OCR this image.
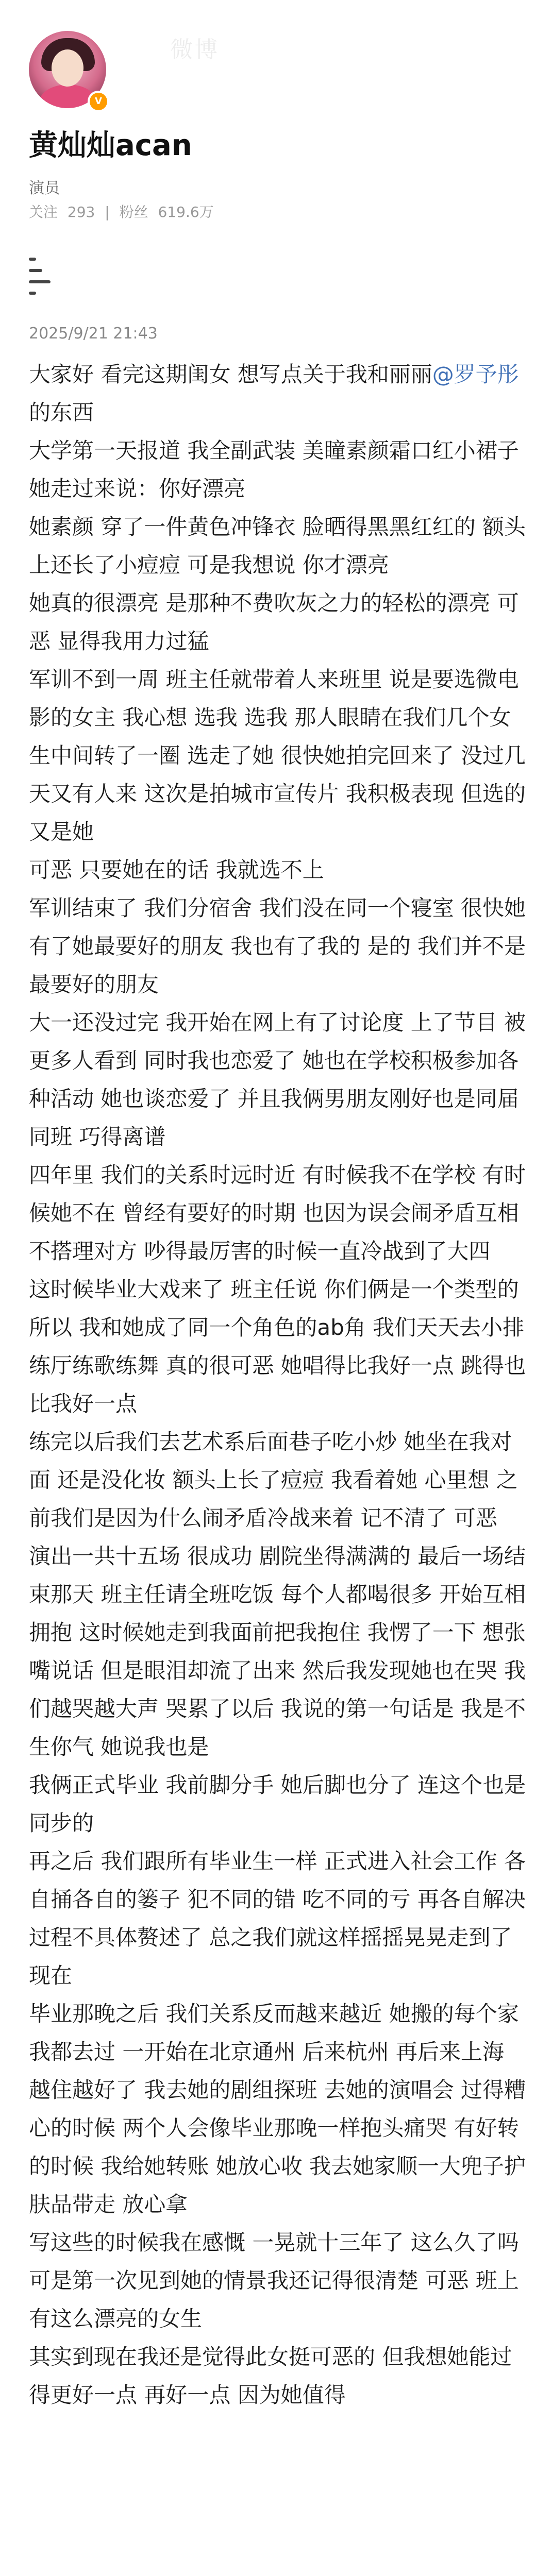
V
微博
黄灿灿acan
演员
关注 293 | 粉丝 619.6万
2025/9/21 21:43

大家好 看完这期闺女 想写点关于我和丽丽@罗予彤 的东西

大学第一天报道 我全副武装 美瞳素颜霜口红小裙子 她走过来说：你好漂亮

她素颜 穿了一件黄色冲锋衣 脸晒得黑黑红红的 额头上还长了小痘痘 可是我想说 你才漂亮

她真的很漂亮 是那种不费吹灰之力的轻松的漂亮 可恶 显得我用力过猛

军训不到一周 班主任就带着人来班里 说是要选微电影的女主 我心想 选我 选我 那人眼睛在我们几个女生中间转了一圈 选走了她 很快她拍完回来了 没过几天又有人来 这次是拍城市宣传片 我积极表现 但选的又是她

可恶 只要她在的话 我就选不上

军训结束了 我们分宿舍 我们没在同一个寝室 很快她有了她最要好的朋友 我也有了我的 是的 我们并不是最要好的朋友

大一还没过完 我开始在网上有了讨论度 上了节目 被更多人看到 同时我也恋爱了 她也在学校积极参加各种活动 她也谈恋爱了 并且我俩男朋友刚好也是同届同班 巧得离谱

四年里 我们的关系时远时近 有时候我不在学校 有时候她不在 曾经有要好的时期 也因为误会闹矛盾互相不搭理对方 吵得最厉害的时候一直冷战到了大四

这时候毕业大戏来了 班主任说 你们俩是一个类型的 所以 我和她成了同一个角色的ab角 我们天天去小排练厅练歌练舞 真的很可恶 她唱得比我好一点 跳得也比我好一点

练完以后我们去艺术系后面巷子吃小炒 她坐在我对面 还是没化妆 额头上长了痘痘 我看着她 心里想 之前我们是因为什么闹矛盾冷战来着 记不清了 可恶

演出一共十五场 很成功 剧院坐得满满的 最后一场结束那天 班主任请全班吃饭 每个人都喝很多 开始互相拥抱 这时候她走到我面前把我抱住 我愣了一下 想张嘴说话 但是眼泪却流了出来 然后我发现她也在哭 我们越哭越大声 哭累了以后 我说的第一句话是 我是不生你气 她说我也是

我俩正式毕业 我前脚分手 她后脚也分了 连这个也是同步的

再之后 我们跟所有毕业生一样 正式进入社会工作 各自捅各自的篓子 犯不同的错 吃不同的亏 再各自解决 过程不具体赘述了 总之我们就这样摇摇晃晃走到了现在

毕业那晚之后 我们关系反而越来越近 她搬的每个家我都去过 一开始在北京通州 后来杭州 再后来上海 越住越好了 我去她的剧组探班 去她的演唱会 过得糟心的时候 两个人会像毕业那晚一样抱头痛哭 有好转的时候 我给她转账 她放心收 我去她家顺一大兜子护肤品带走 放心拿

写这些的时候我在感慨 一晃就十三年了 这么久了吗 可是第一次见到她的情景我还记得很清楚 可恶 班上有这么漂亮的女生

其实到现在我还是觉得此女挺可恶的 但我想她能过得更好一点 再好一点 因为她值得
